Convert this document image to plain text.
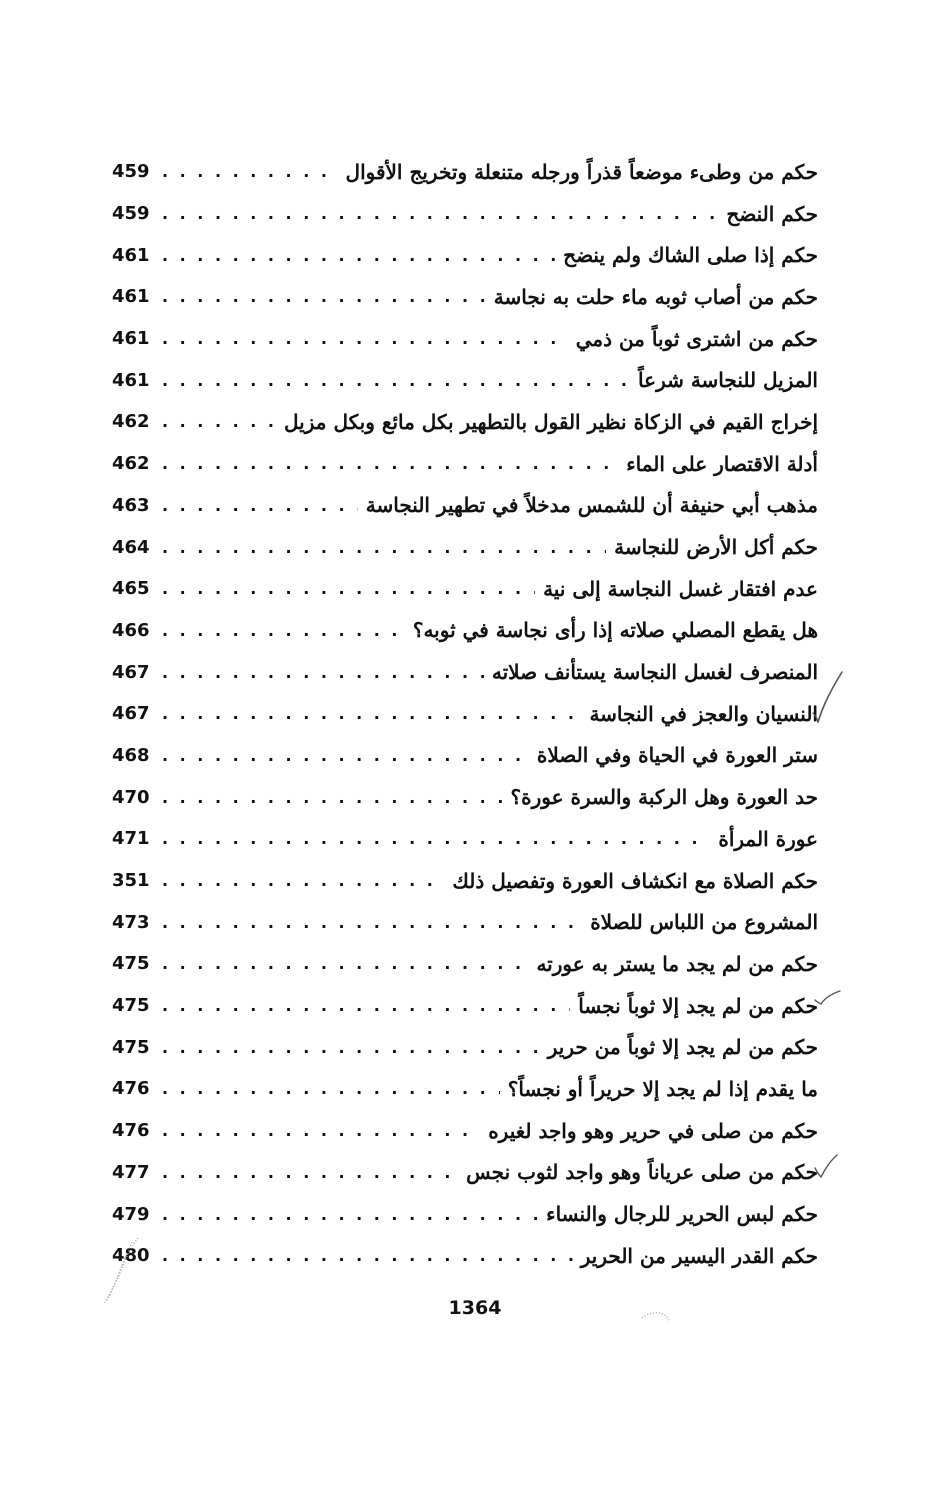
حكم من وطىء موضعاً قذراً ورجله متنعلة وتخريج الأقوال
. . .
459
حكم النضح
. . .
459
حكم إذا صلى الشاك ولم ينضح
. . .
461
حكم من أصاب ثوبه ماء حلت به نجاسة
. . .
461
حكم من اشترى ثوباً من ذمي
. . .
461
المزيل للنجاسة شرعاً
. . .
461
إخراج القيم في الزكاة نظير القول بالتطهير بكل مائع وبكل مزيل
. . .
462
أدلة الاقتصار على الماء
. . .
462
مذهب أبي حنيفة أن للشمس مدخلاً في تطهير النجاسة
. . .
463
حكم أكل الأرض للنجاسة
. . .
464
عدم افتقار غسل النجاسة إلى نية
. . .
465
هل يقطع المصلي صلاته إذا رأى نجاسة في ثوبه؟
. . .
466
المنصرف لغسل النجاسة يستأنف صلاته
. . .
467
النسيان والعجز في النجاسة
. . .
467
ستر العورة في الحياة وفي الصلاة
. . .
468
حد العورة وهل الركبة والسرة عورة؟
. . .
470
عورة المرأة
. . .
471
حكم الصلاة مع انكشاف العورة وتفصيل ذلك
. . .
351
المشروع من اللباس للصلاة
. . .
473
حكم من لم يجد ما يستر به عورته
. . .
475
حكم من لم يجد إلا ثوباً نجساً
. . .
475
حكم من لم يجد إلا ثوباً من حرير
. . .
475
ما يقدم إذا لم يجد إلا حريراً أو نجساً؟
. . .
476
حكم من صلى في حرير وهو واجد لغيره
. . .
476
حكم من صلى عرياناً وهو واجد لثوب نجس
. . .
477
حكم لبس الحرير للرجال والنساء
. . .
479
حكم القدر اليسير من الحرير
. . .
480
1364
